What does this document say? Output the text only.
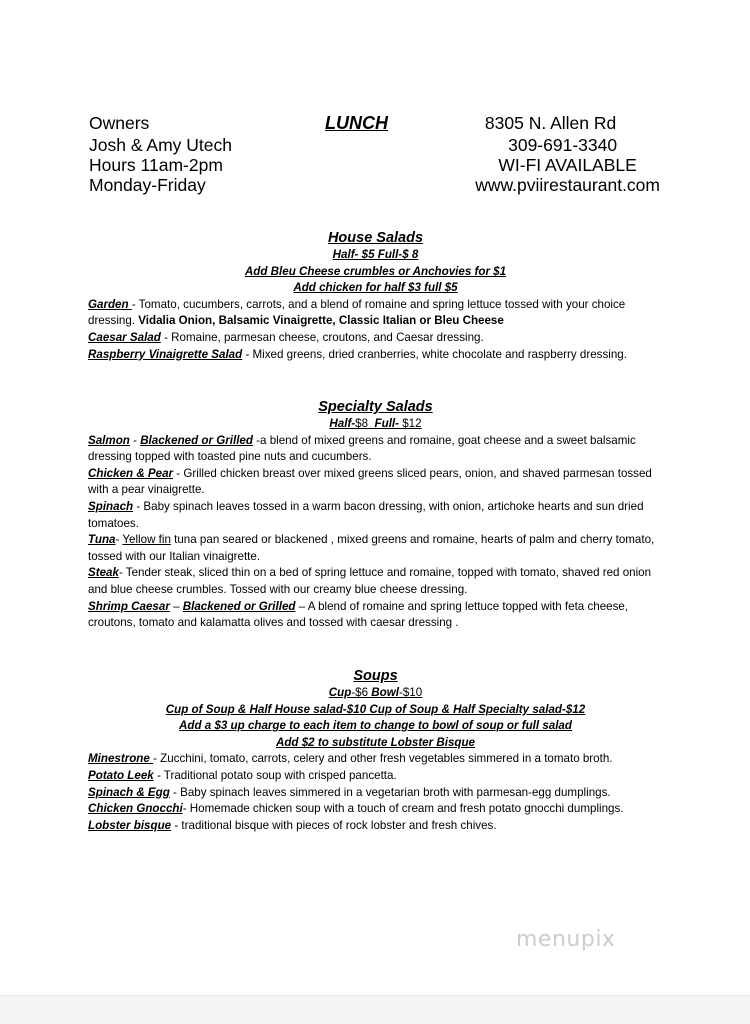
Owners
Josh & Amy Utech
Hours 11am-2pm
Monday-Friday
LUNCH	8305 N. Allen Rd
309-691-3340
WI-FI AVAILABLE
www.pviirestaurant.com
House Salads
Half- $5 Full-$ 8
Add Bleu Cheese crumbles or Anchovies for $1
Add chicken for half $3 full $5

Garden - Tomato, cucumbers, carrots, and a blend of romaine and spring lettuce tossed with your choice dressing. Vidalia Onion, Balsamic Vinaigrette, Classic Italian or Bleu Cheese

Caesar Salad - Romaine, parmesan cheese, croutons, and Caesar dressing.

Raspberry Vinaigrette Salad - Mixed greens, dried cranberries, white chocolate and raspberry dressing.

Specialty Salads
Half-$8 Full- $12

Salmon - Blackened or Grilled -a blend of mixed greens and romaine, goat cheese and a sweet balsamic dressing topped with toasted pine nuts and cucumbers.

Chicken & Pear - Grilled chicken breast over mixed greens sliced pears, onion, and shaved parmesan tossed with a pear vinaigrette.

Spinach - Baby spinach leaves tossed in a warm bacon dressing, with onion, artichoke hearts and sun dried tomatoes.

Tuna- Yellow fin tuna pan seared or blackened , mixed greens and romaine, hearts of palm and cherry tomato, tossed with our Italian vinaigrette.

Steak- Tender steak, sliced thin on a bed of spring lettuce and romaine, topped with tomato, shaved red onion and blue cheese crumbles. Tossed with our creamy blue cheese dressing.

Shrimp Caesar – Blackened or Grilled – A blend of romaine and spring lettuce topped with feta cheese, croutons, tomato and kalamatta olives and tossed with caesar dressing .

Soups
Cup-$6 Bowl-$10
Cup of Soup & Half House salad-$10 Cup of Soup & Half Specialty salad-$12
Add a $3 up charge to each item to change to bowl of soup or full salad
Add $2 to substitute Lobster Bisque

Minestrone - Zucchini, tomato, carrots, celery and other fresh vegetables simmered in a tomato broth.

Potato Leek - Traditional potato soup with crisped pancetta.

Spinach & Egg - Baby spinach leaves simmered in a vegetarian broth with parmesan-egg dumplings.

Chicken Gnocchi- Homemade chicken soup with a touch of cream and fresh potato gnocchi dumplings.

Lobster bisque - traditional bisque with pieces of rock lobster and fresh chives.

menupix
